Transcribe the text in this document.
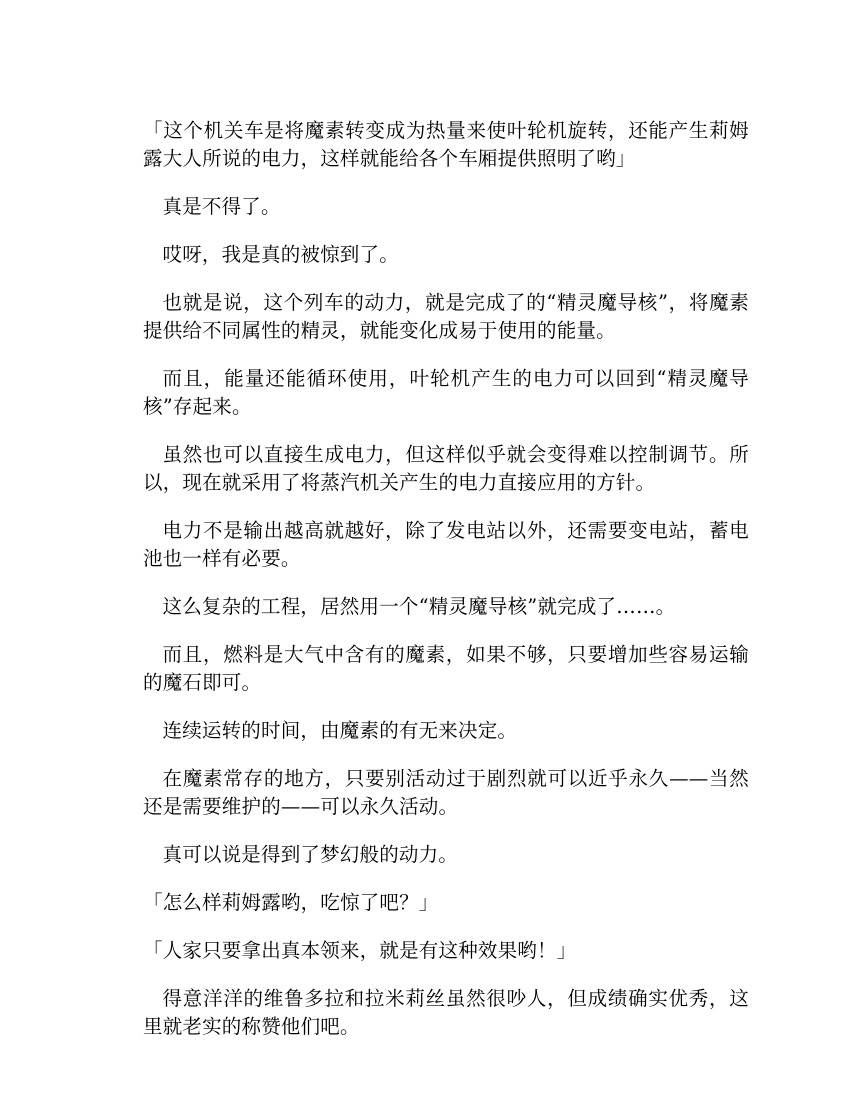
「这个机关车是将魔素转变成为热量来使叶轮机旋转，还能产生莉姆露大人所说的电力，这样就能给各个车厢提供照明了哟」

真是不得了。

哎呀，我是真的被惊到了。

也就是说，这个列车的动力，就是完成了的“精灵魔导核”，将魔素提供给不同属性的精灵，就能变化成易于使用的能量。

而且，能量还能循环使用，叶轮机产生的电力可以回到“精灵魔导核”存起来。

虽然也可以直接生成电力，但这样似乎就会变得难以控制调节。所以，现在就采用了将蒸汽机关产生的电力直接应用的方针。

电力不是输出越高就越好，除了发电站以外，还需要变电站，蓄电池也一样有必要。

这么复杂的工程，居然用一个“精灵魔导核”就完成了……。

而且，燃料是大气中含有的魔素，如果不够，只要增加些容易运输的魔石即可。

连续运转的时间，由魔素的有无来决定。

在魔素常存的地方，只要别活动过于剧烈就可以近乎永久——当然还是需要维护的——可以永久活动。

真可以说是得到了梦幻般的动力。

「怎么样莉姆露哟，吃惊了吧？」

「人家只要拿出真本领来，就是有这种效果哟！」

得意洋洋的维鲁多拉和拉米莉丝虽然很吵人，但成绩确实优秀，这里就老实的称赞他们吧。
